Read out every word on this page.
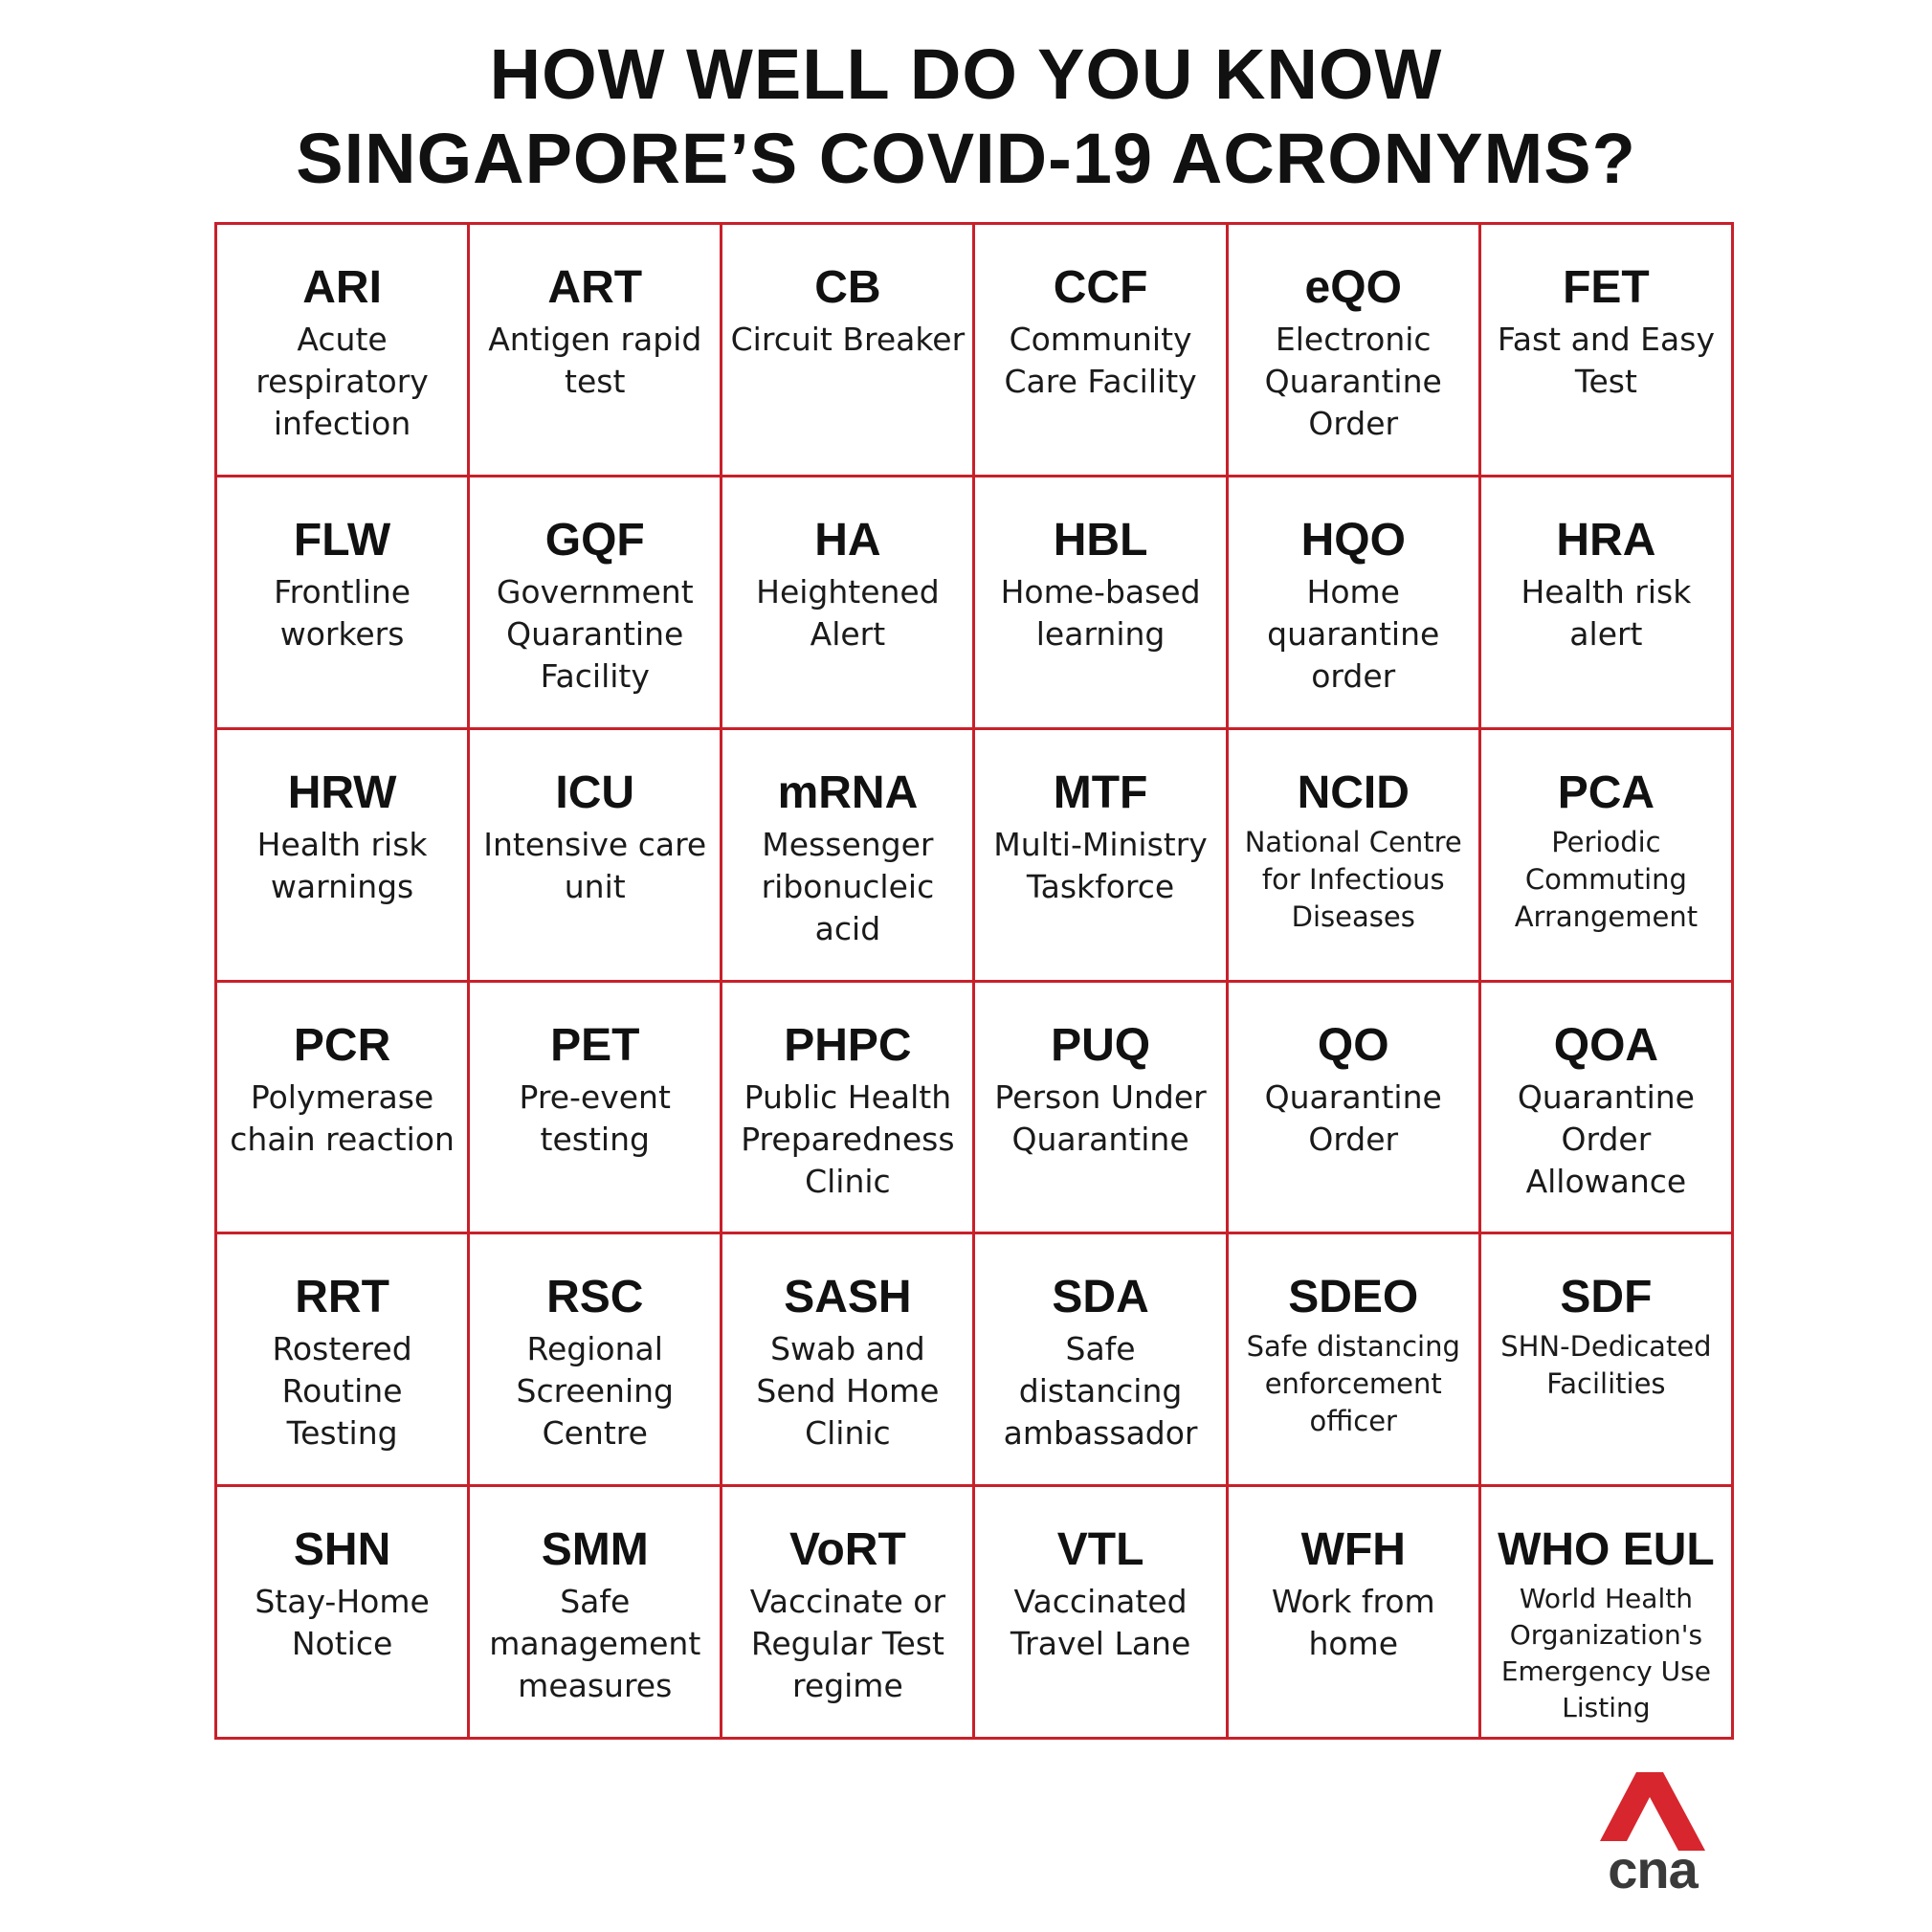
HOW WELL DO YOU KNOW
SINGAPORE’S COVID-19 ACRONYMS?
ARI
Acute respiratory infection
ART
Antigen rapid test
CB
Circuit Breaker
CCF
Community Care Facility
eQO
Electronic Quarantine Order
FET
Fast and Easy Test
FLW
Frontline workers
GQF
Government Quarantine Facility
HA
Heightened Alert
HBL
Home-based learning
HQO
Home quarantine order
HRA
Health risk alert
HRW
Health risk warnings
ICU
Intensive care unit
mRNA
Messenger ribonucleic acid
MTF
Multi-Ministry Taskforce
NCID
National Centre for Infectious Diseases
PCA
Periodic Commuting Arrangement
PCR
Polymerase chain reaction
PET
Pre-event testing
PHPC
Public Health Preparedness Clinic
PUQ
Person Under Quarantine
QO
Quarantine Order
QOA
Quarantine Order Allowance
RRT
Rostered Routine Testing
RSC
Regional Screening Centre
SASH
Swab and Send Home Clinic
SDA
Safe distancing ambassador
SDEO
Safe distancing enforcement officer
SDF
SHN-Dedicated Facilities
SHN
Stay-Home Notice
SMM
Safe management measures
VoRT
Vaccinate or Regular Test regime
VTL
Vaccinated Travel Lane
WFH
Work from home
WHO EUL
World Health Organization's Emergency Use Listing
cna
